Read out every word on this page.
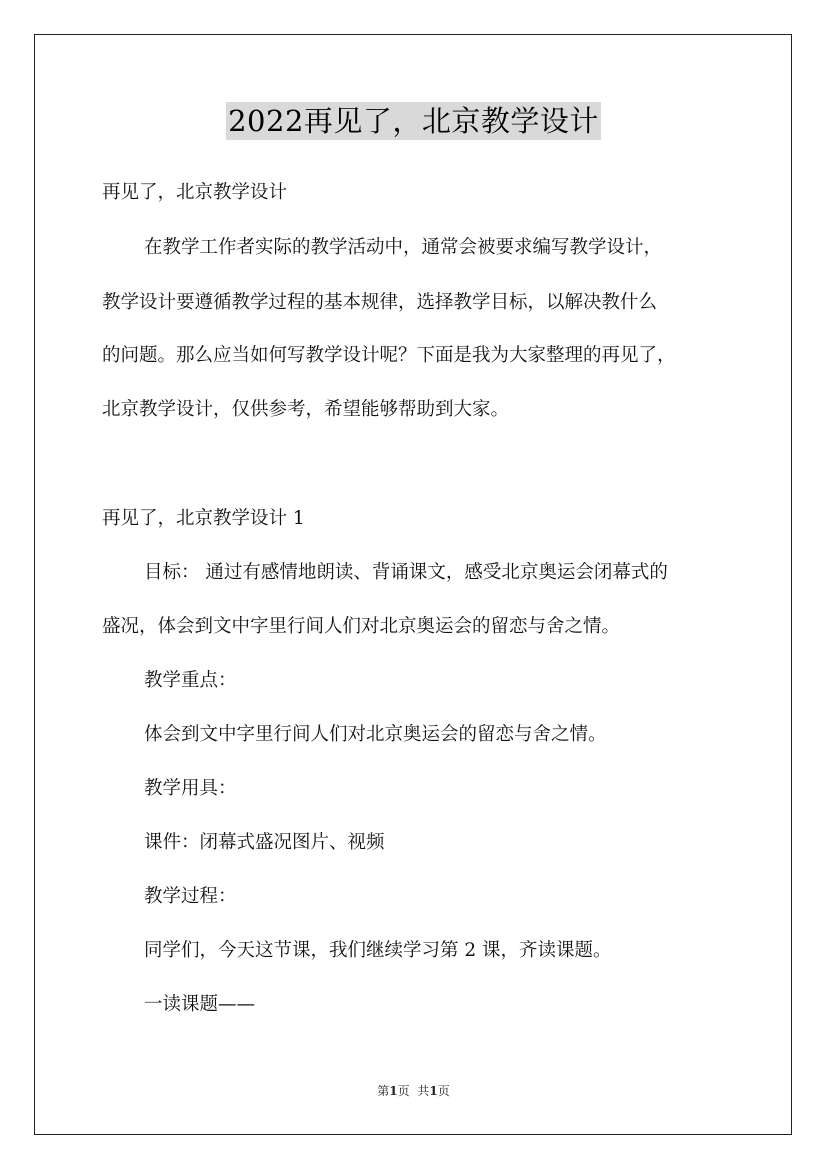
2022再见了，北京教学设计
再见了，北京教学设计
在教学工作者实际的教学活动中，通常会被要求编写教学设计，
教学设计要遵循教学过程的基本规律，选择教学目标，以解决教什么
的问题。那么应当如何写教学设计呢？下面是我为大家整理的再见了，
北京教学设计，仅供参考，希望能够帮助到大家。
再见了，北京教学设计 1
目标： 通过有感情地朗读、背诵课文，感受北京奥运会闭幕式的
盛况，体会到文中字里行间人们对北京奥运会的留恋与舍之情。
教学重点：
体会到文中字里行间人们对北京奥运会的留恋与舍之情。
教学用具：
课件：闭幕式盛况图片、视频
教学过程：
同学们，今天这节课，我们继续学习第 2 课，齐读课题。
一读课题——
第1页 共1页
